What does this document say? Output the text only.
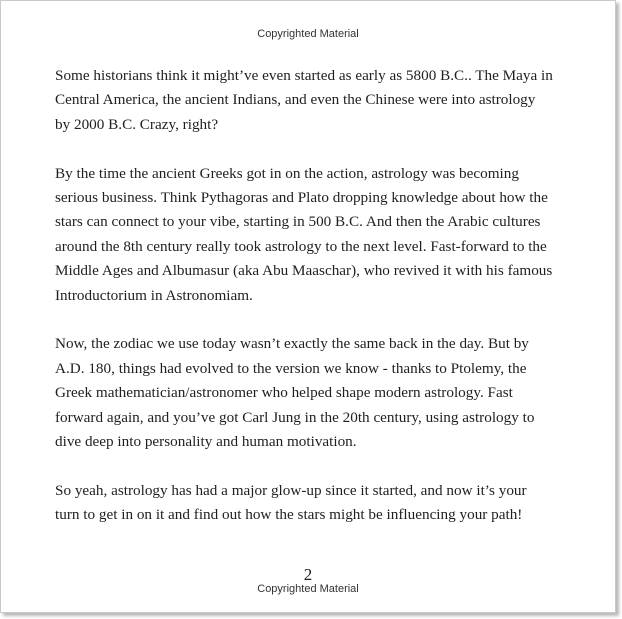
Copyrighted Material

Some historians think it might’ve even started as early as 5800 B.C.. The Maya in
Central America, the ancient Indians, and even the Chinese were into astrology
by 2000 B.C. Crazy, right?

By the time the ancient Greeks got in on the action, astrology was becoming
serious business. Think Pythagoras and Plato dropping knowledge about how the
stars can connect to your vibe, starting in 500 B.C. And then the Arabic cultures
around the 8th century really took astrology to the next level. Fast-forward to the
Middle Ages and Albumasur (aka Abu Maaschar), who revived it with his famous
Introductorium in Astronomiam.

Now, the zodiac we use today wasn’t exactly the same back in the day. But by
A.D. 180, things had evolved to the version we know - thanks to Ptolemy, the
Greek mathematician/astronomer who helped shape modern astrology. Fast
forward again, and you’ve got Carl Jung in the 20th century, using astrology to
dive deep into personality and human motivation.

So yeah, astrology has had a major glow-up since it started, and now it’s your
turn to get in on it and find out how the stars might be influencing your path!

2
Copyrighted Material
